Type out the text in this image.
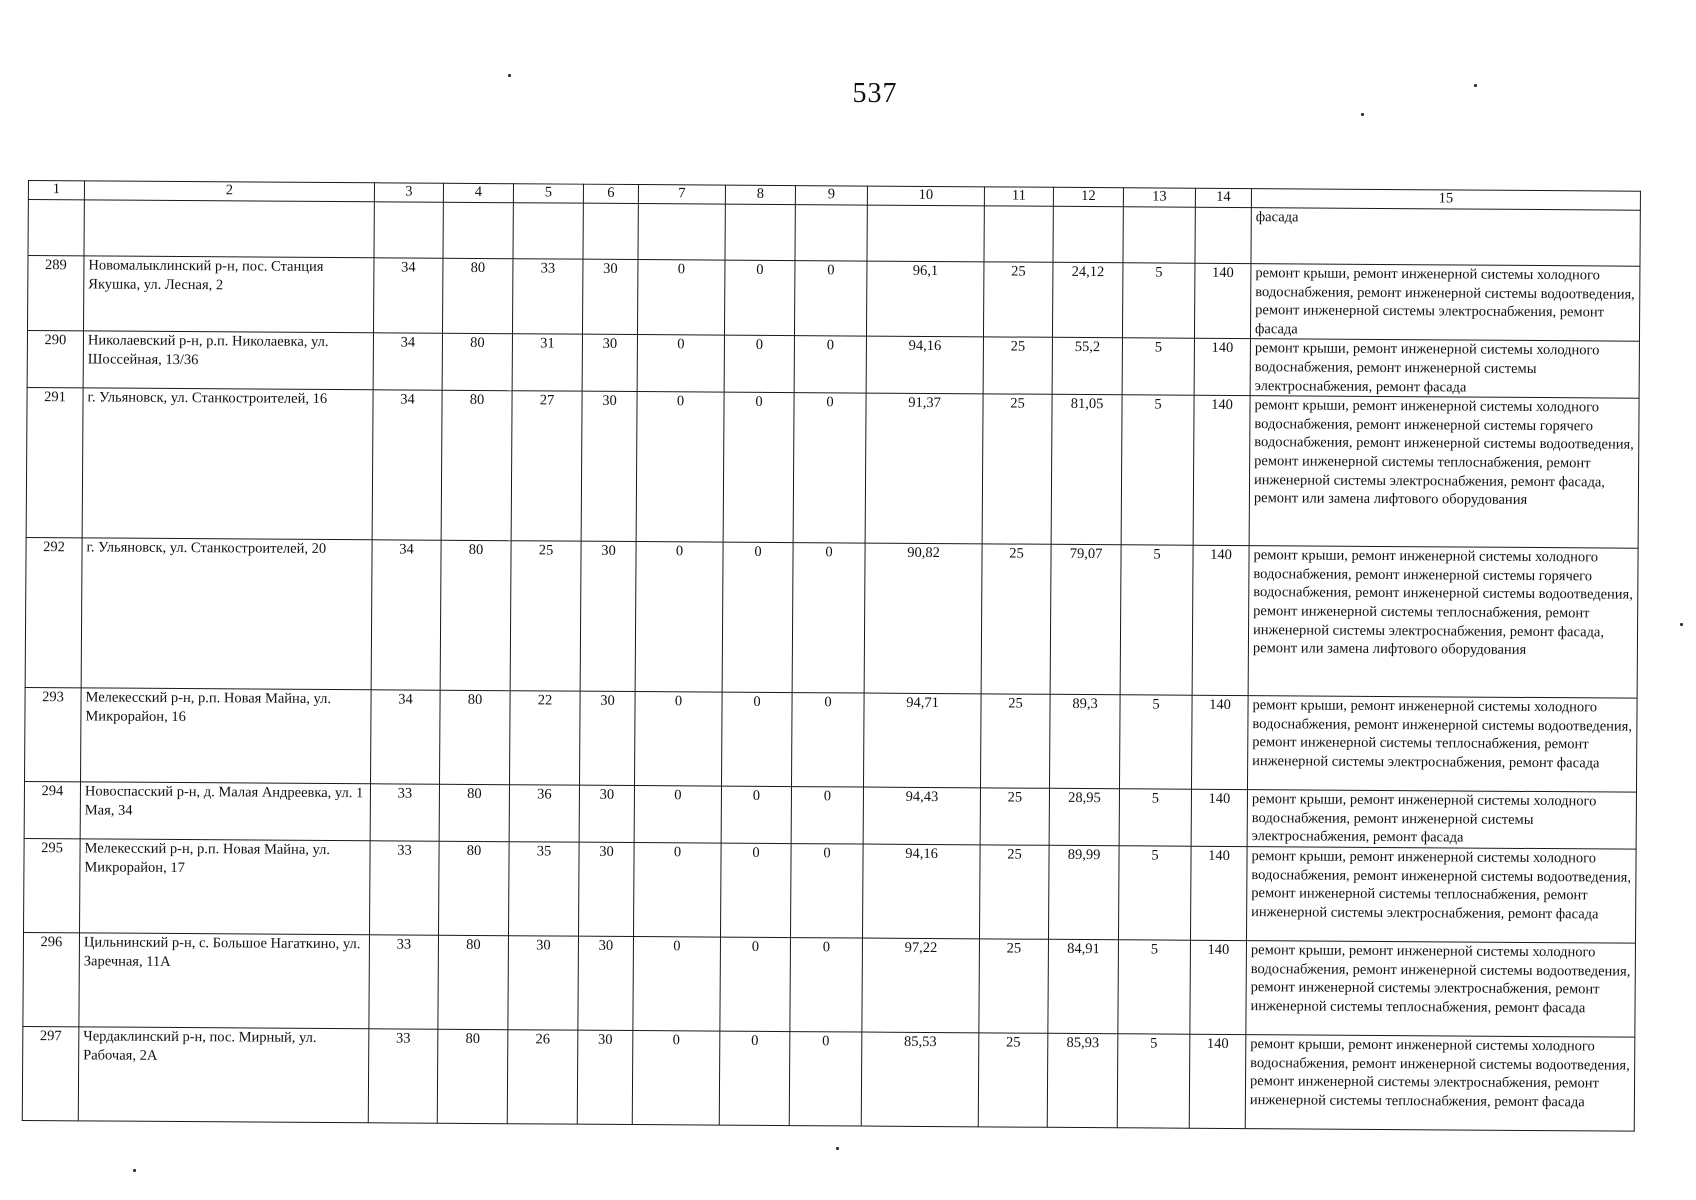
537
1	2	3	4	5	6	7	8	9	10	11	12	13	14	15
														фасада
289	Новомалыклинский р-н, пос. Станция Якушка, ул. Лесная, 2	34	80	33	30	0	0	0	96,1	25	24,12	5	140	ремонт крыши, ремонт инженерной системы холодного водоснабжения, ремонт инженерной системы водоотведения, ремонт инженерной системы электроснабжения, ремонт фасада
290	Николаевский р-н, р.п. Николаевка, ул. Шоссейная, 13/36	34	80	31	30	0	0	0	94,16	25	55,2	5	140	ремонт крыши, ремонт инженерной системы холодного водоснабжения, ремонт инженерной системы электроснабжения, ремонт фасада
291	г. Ульяновск, ул. Станкостроителей, 16	34	80	27	30	0	0	0	91,37	25	81,05	5	140	ремонт крыши, ремонт инженерной системы холодного водоснабжения, ремонт инженерной системы горячего водоснабжения, ремонт инженерной системы водоотведения, ремонт инженерной системы теплоснабжения, ремонт инженерной системы электроснабжения, ремонт фасада, ремонт или замена лифтового оборудования
292	г. Ульяновск, ул. Станкостроителей, 20	34	80	25	30	0	0	0	90,82	25	79,07	5	140	ремонт крыши, ремонт инженерной системы холодного водоснабжения, ремонт инженерной системы горячего водоснабжения, ремонт инженерной системы водоотведения, ремонт инженерной системы теплоснабжения, ремонт инженерной системы электроснабжения, ремонт фасада, ремонт или замена лифтового оборудования
293	Мелекесский р-н, р.п. Новая Майна, ул. Микрорайон, 16	34	80	22	30	0	0	0	94,71	25	89,3	5	140	ремонт крыши, ремонт инженерной системы холодного водоснабжения, ремонт инженерной системы водоотведения, ремонт инженерной системы теплоснабжения, ремонт инженерной системы электроснабжения, ремонт фасада
294	Новоспасский р-н, д. Малая Андреевка, ул. 1 Мая, 34	33	80	36	30	0	0	0	94,43	25	28,95	5	140	ремонт крыши, ремонт инженерной системы холодного водоснабжения, ремонт инженерной системы электроснабжения, ремонт фасада
295	Мелекесский р-н, р.п. Новая Майна, ул. Микрорайон, 17	33	80	35	30	0	0	0	94,16	25	89,99	5	140	ремонт крыши, ремонт инженерной системы холодного водоснабжения, ремонт инженерной системы водоотведения, ремонт инженерной системы теплоснабжения, ремонт инженерной системы электроснабжения, ремонт фасада
296	Цильнинский р-н, с. Большое Нагаткино, ул. Заречная, 11А	33	80	30	30	0	0	0	97,22	25	84,91	5	140	ремонт крыши, ремонт инженерной системы холодного водоснабжения, ремонт инженерной системы водоотведения, ремонт инженерной системы электроснабжения, ремонт инженерной системы теплоснабжения, ремонт фасада
297	Чердаклинский р-н, пос. Мирный, ул. Рабочая, 2А	33	80	26	30	0	0	0	85,53	25	85,93	5	140	ремонт крыши, ремонт инженерной системы холодного водоснабжения, ремонт инженерной системы водоотведения, ремонт инженерной системы электроснабжения, ремонт инженерной системы теплоснабжения, ремонт фасада
